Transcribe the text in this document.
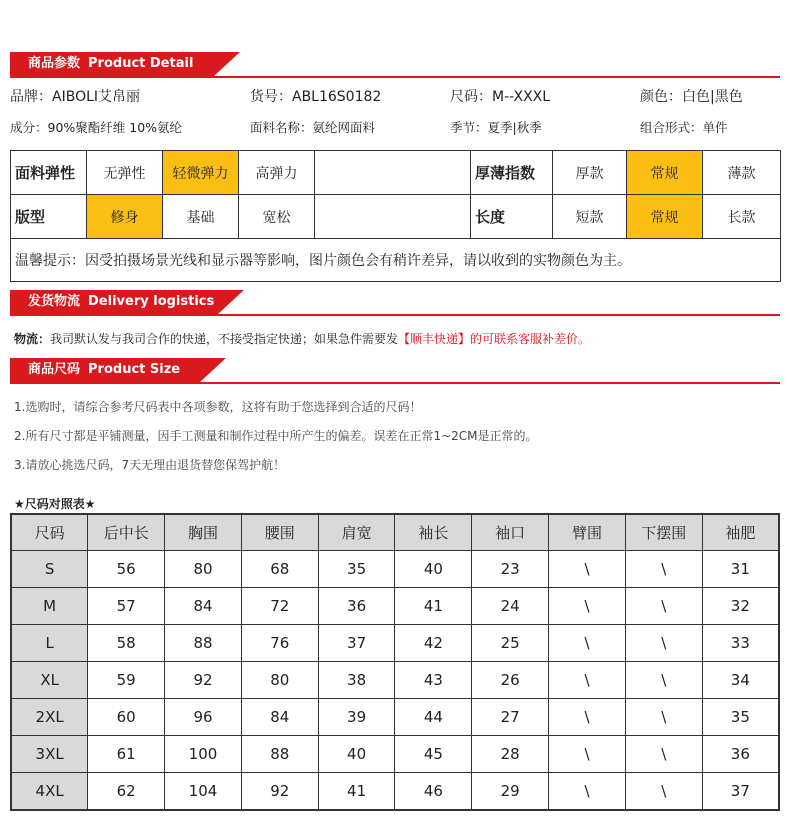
商品参数 Product Detail
品牌：AIBOLI艾帛丽	货号：ABL16S0182	尺码：M--XXXL	颜色：白色|黑色
成分：90%聚酯纤维 10%氨纶	面料名称：氨纶网面料	季节：夏季|秋季	组合形式：单件
面料弹性	无弹性	轻微弹力	高弹力		厚薄指数	厚款	常规	薄款
版型	修身	基础	宽松		长度	短款	常规	长款
温馨提示：因受拍摄场景光线和显示器等影响，图片颜色会有稍许差异，请以收到的实物颜色为主。								
发货物流 Delivery logistics
物流：我司默认发与我司合作的快递，不接受指定快递；如果急件需要发【顺丰快递】的可联系客服补差价。
商品尺码 Product Size
1.选购时，请综合参考尺码表中各项参数，这将有助于您选择到合适的尺码！
2.所有尺寸都是平铺测量，因手工测量和制作过程中所产生的偏差。误差在正常1~2CM是正常的。
3.请放心挑选尺码，7天无理由退货替您保驾护航！
★尺码对照表★
尺码	后中长	胸围	腰围	肩宽	袖长	袖口	臂围	下摆围	袖肥
S	56	80	68	35	40	23	\	\	31
M	57	84	72	36	41	24	\	\	32
L	58	88	76	37	42	25	\	\	33
XL	59	92	80	38	43	26	\	\	34
2XL	60	96	84	39	44	27	\	\	35
3XL	61	100	88	40	45	28	\	\	36
4XL	62	104	92	41	46	29	\	\	37
